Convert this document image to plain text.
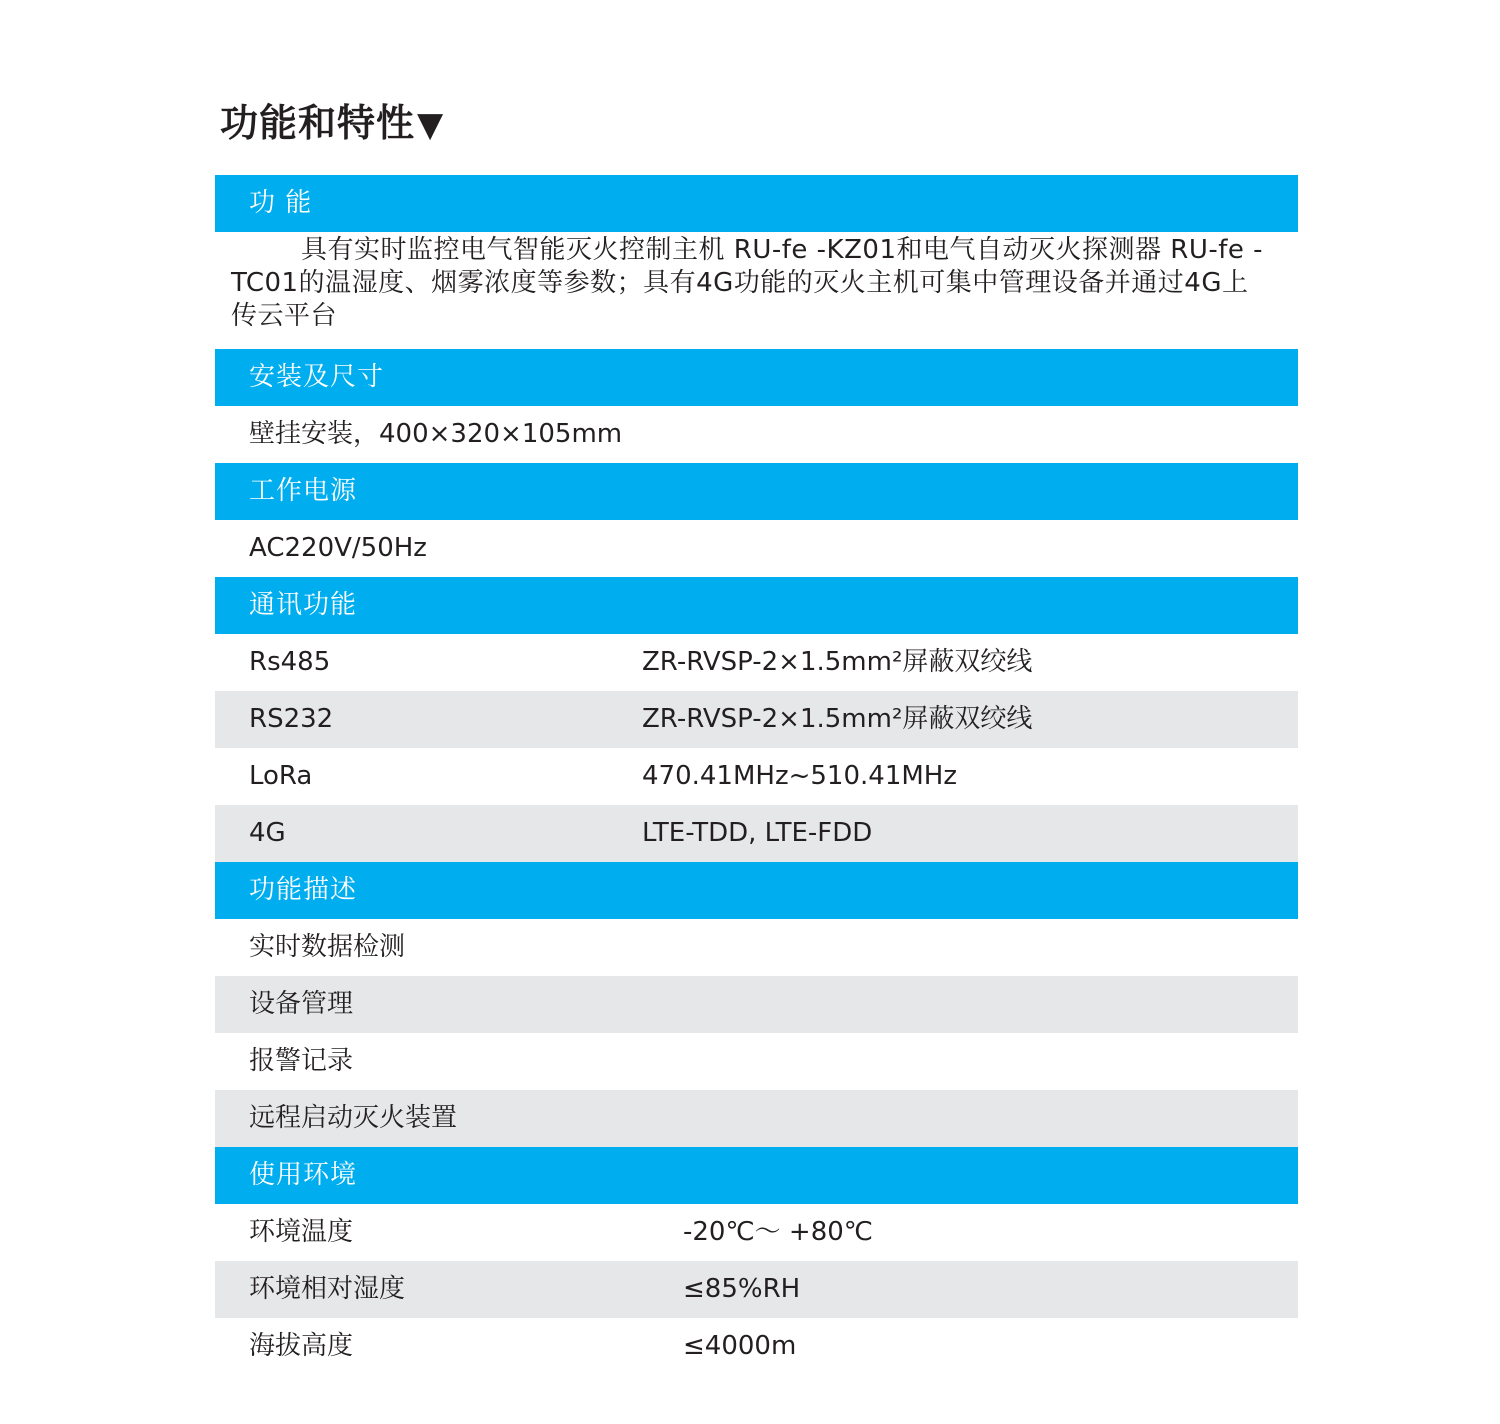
功能和特性▼
功 能
具有实时监控电气智能灭火控制主机 RU-fe -KZ01和电气自动灭火探测器 RU-fe -TC01的温湿度、烟雾浓度等参数；具有4G功能的灭火主机可集中管理设备并通过4G上传云平台
安装及尺寸
壁挂安装，400×320×105mm
工作电源
AC220V/50Hz
通讯功能
Rs485	ZR-RVSP-2×1.5mm²屏蔽双绞线
RS232	ZR-RVSP-2×1.5mm²屏蔽双绞线
LoRa	470.41MHz~510.41MHz
4G	LTE-TDD, LTE-FDD
功能描述
实时数据检测
设备管理
报警记录
远程启动灭火装置
使用环境
环境温度	-20℃～ +80℃
环境相对湿度	≤85%RH
海拔高度	≤4000m
